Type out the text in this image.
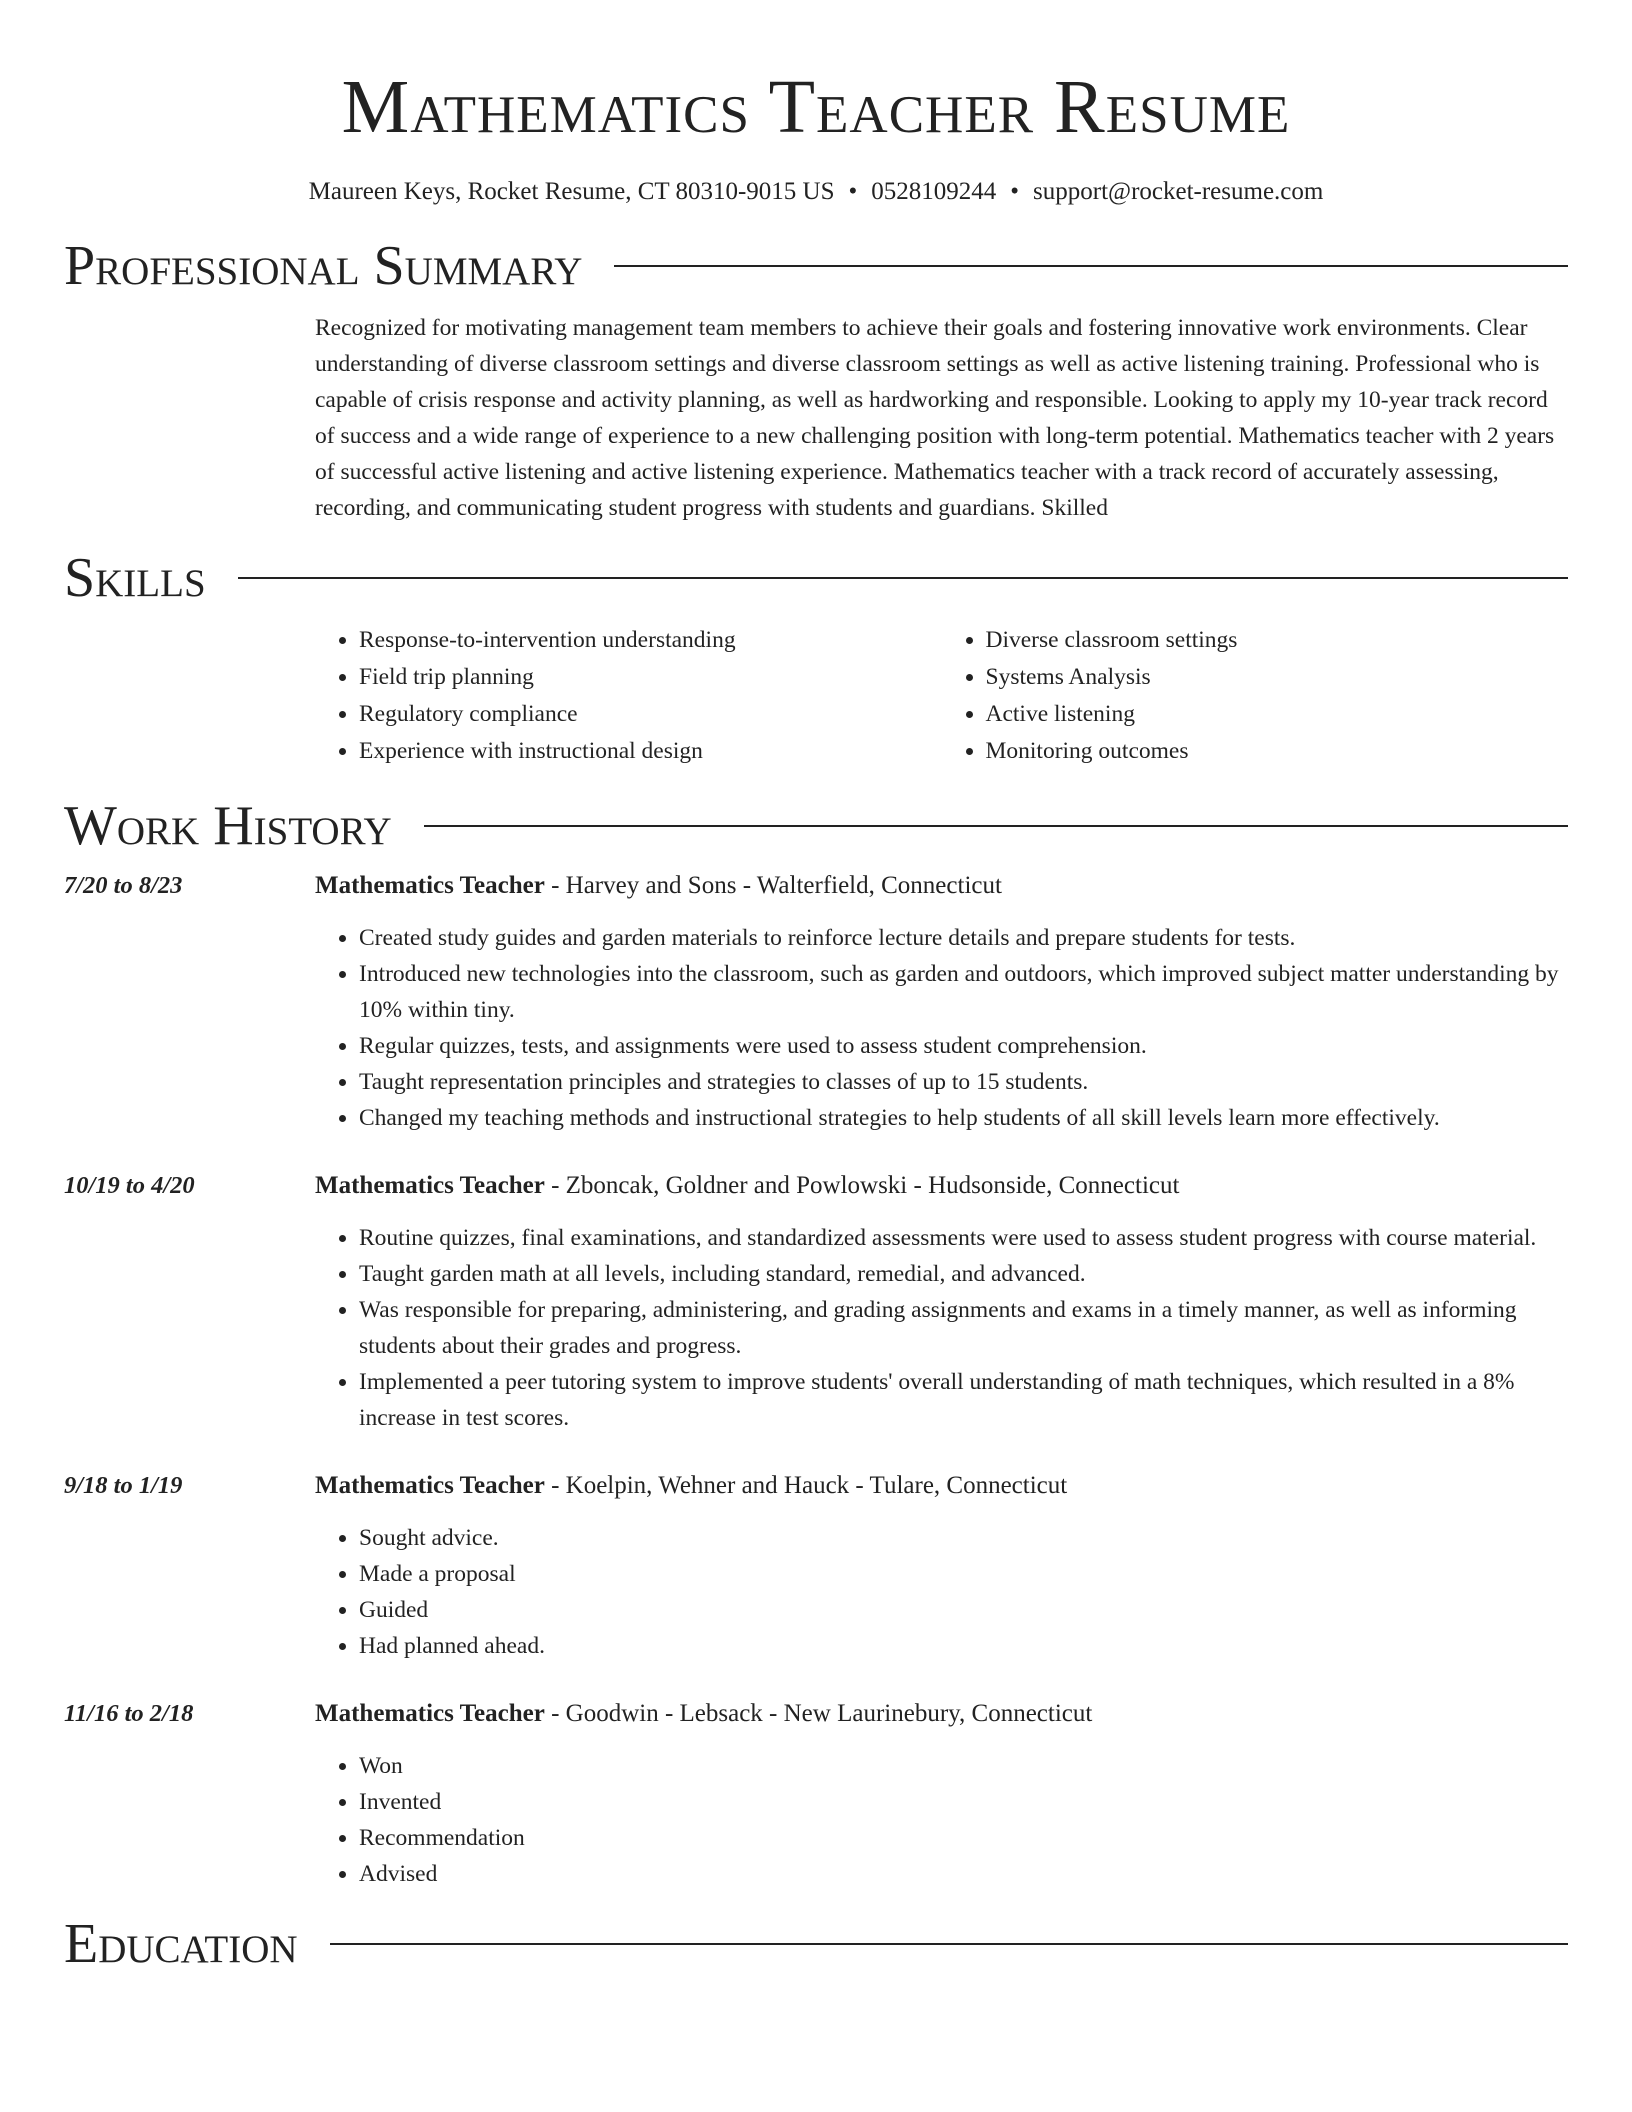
Mathematics Teacher Resume
Maureen Keys, Rocket Resume, CT 80310-9015 US • 0528109244 • support@rocket-resume.com
Professional Summary
Recognized for motivating management team members to achieve their goals and fostering innovative work environments. Clear understanding of diverse classroom settings and diverse classroom settings as well as active listening training. Professional who is capable of crisis response and activity planning, as well as hardworking and responsible. Looking to apply my 10-year track record of success and a wide range of experience to a new challenging position with long-term potential. Mathematics teacher with 2 years of successful active listening and active listening experience. Mathematics teacher with a track record of accurately assessing, recording, and communicating student progress with students and guardians. Skilled
Skills
• Response-to-intervention understanding
• Field trip planning
• Regulatory compliance
• Experience with instructional design
• Diverse classroom settings
• Systems Analysis
• Active listening
• Monitoring outcomes
Work History
7/20 to 8/23	Mathematics Teacher - Harvey and Sons - Walterfield, Connecticut
• Created study guides and garden materials to reinforce lecture details and prepare students for tests.
• Introduced new technologies into the classroom, such as garden and outdoors, which improved subject matter understanding by 10% within tiny.
• Regular quizzes, tests, and assignments were used to assess student comprehension.
• Taught representation principles and strategies to classes of up to 15 students.
• Changed my teaching methods and instructional strategies to help students of all skill levels learn more effectively.
10/19 to 4/20	Mathematics Teacher - Zboncak, Goldner and Powlowski - Hudsonside, Connecticut
• Routine quizzes, final examinations, and standardized assessments were used to assess student progress with course material.
• Taught garden math at all levels, including standard, remedial, and advanced.
• Was responsible for preparing, administering, and grading assignments and exams in a timely manner, as well as informing students about their grades and progress.
• Implemented a peer tutoring system to improve students' overall understanding of math techniques, which resulted in a 8% increase in test scores.
9/18 to 1/19	Mathematics Teacher - Koelpin, Wehner and Hauck - Tulare, Connecticut
• Sought advice.
• Made a proposal
• Guided
• Had planned ahead.
11/16 to 2/18	Mathematics Teacher - Goodwin - Lebsack - New Laurinebury, Connecticut
• Won
• Invented
• Recommendation
• Advised
Education
